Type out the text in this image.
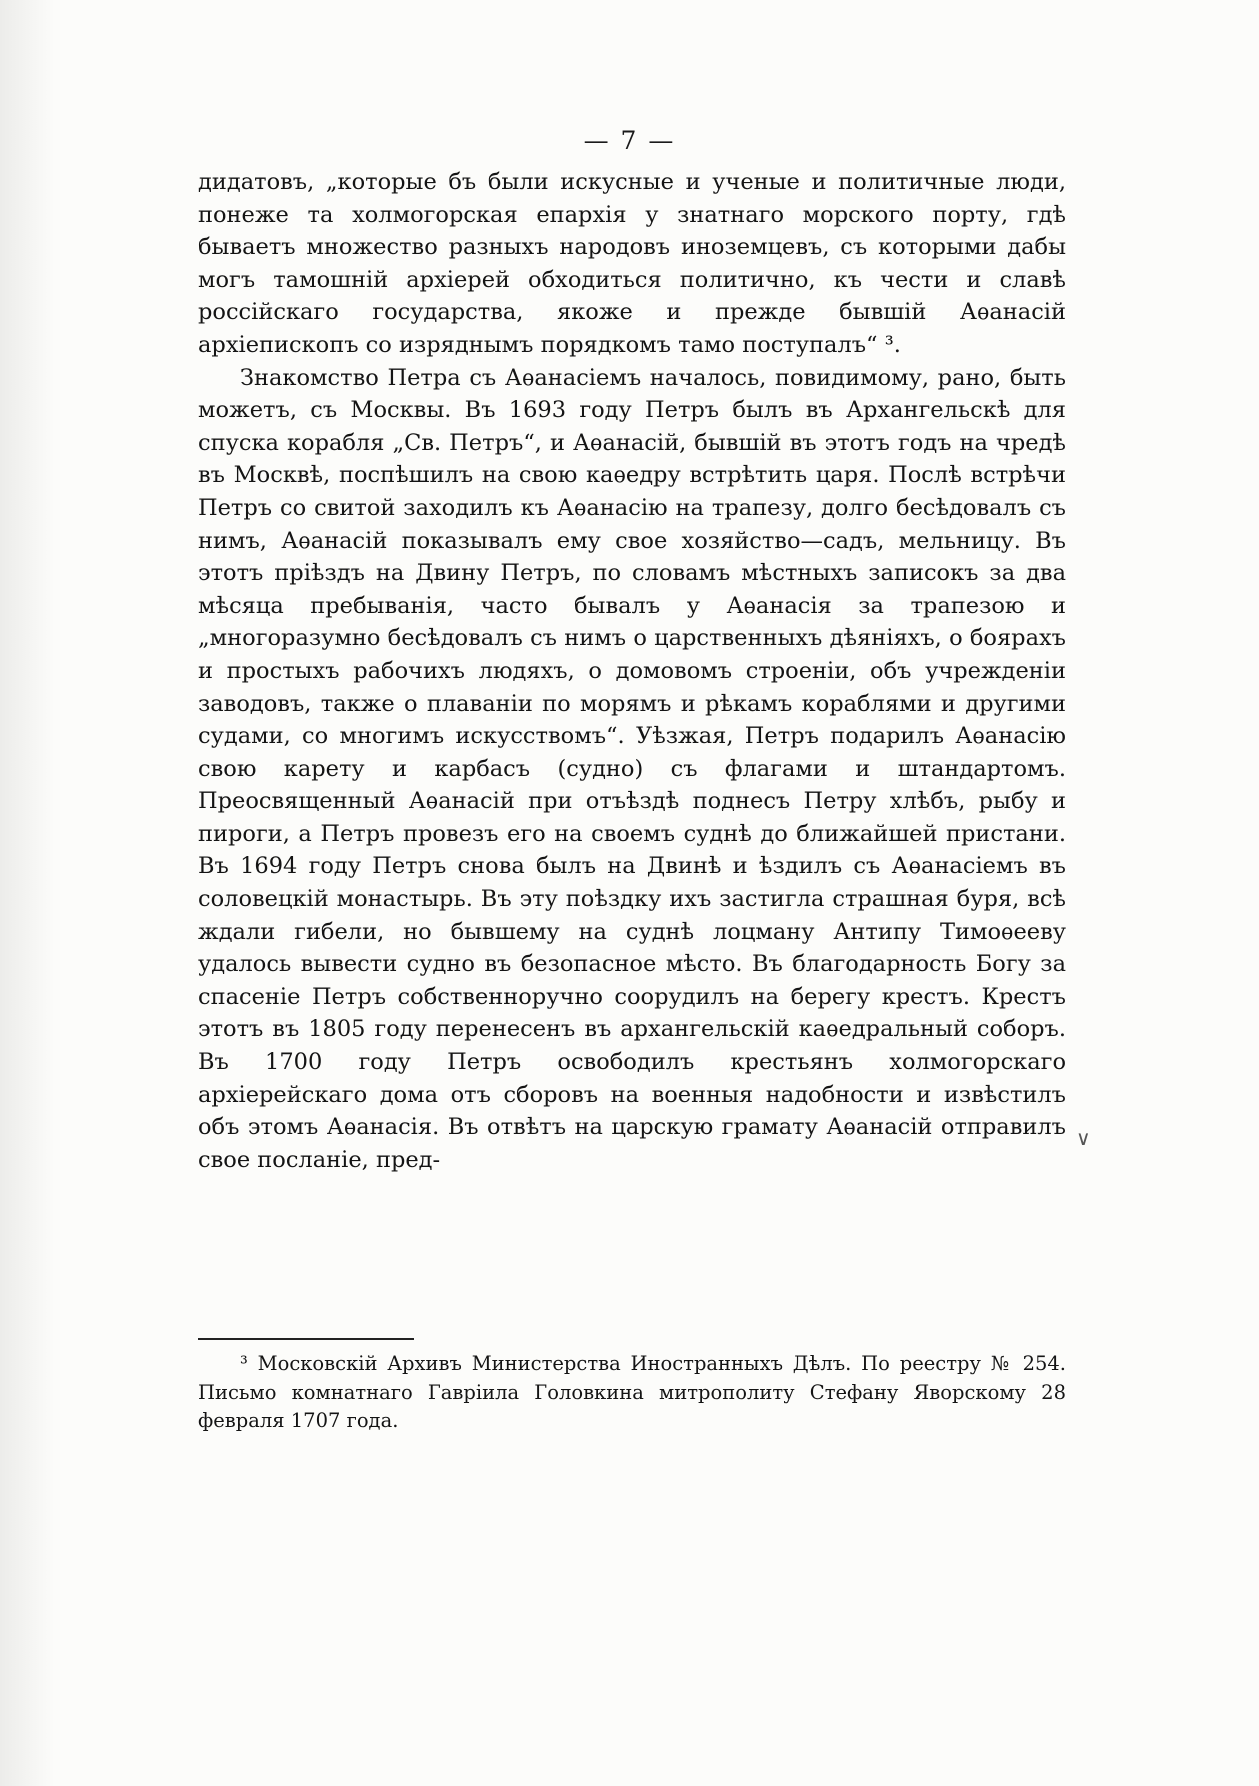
— 7 —

дидатовъ, „которые бъ были искусные и ученые и политичные люди, понеже та холмогорская епархія у знатнаго морского порту, гдѣ бываетъ множество разныхъ народовъ иноземцевъ, съ которыми дабы могъ тамошній архіерей обходиться политично, къ чести и славѣ россійскаго государства, якоже и прежде бывшій Аѳанасій архіепископъ со изряднымъ порядкомъ тамо поступалъ“ ³.

Знакомство Петра съ Аѳанасіемъ началось, повидимому, рано, быть можетъ, съ Москвы. Въ 1693 году Петръ былъ въ Архангельскѣ для спуска корабля „Св. Петръ“, и Аѳанасій, бывшій въ этотъ годъ на чредѣ въ Москвѣ, поспѣшилъ на свою каѳедру встрѣтить царя. Послѣ встрѣчи Петръ со свитой заходилъ къ Аѳанасію на трапезу, долго бесѣдовалъ съ нимъ, Аѳанасій показывалъ ему свое хозяйство—садъ, мельницу. Въ этотъ пріѣздъ на Двину Петръ, по словамъ мѣстныхъ записокъ за два мѣсяца пребыванія, часто бывалъ у Аѳанасія за трапезою и „многоразумно бесѣдовалъ съ нимъ о царственныхъ дѣяніяхъ, о боярахъ и простыхъ рабочихъ людяхъ, о домовомъ строеніи, объ учрежденіи заводовъ, также о плаваніи по морямъ и рѣкамъ кораблями и другими судами, со многимъ искусствомъ“. Уѣзжая, Петръ подарилъ Аѳанасію свою карету и карбасъ (судно) съ флагами и штандартомъ. Преосвященный Аѳанасій при отъѣздѣ поднесъ Петру хлѣбъ, рыбу и пироги, а Петръ провезъ его на своемъ суднѣ до ближайшей пристани. Въ 1694 году Петръ снова былъ на Двинѣ и ѣздилъ съ Аѳанасіемъ въ соловецкій монастырь. Въ эту поѣздку ихъ застигла страшная буря, всѣ ждали гибели, но бывшему на суднѣ лоцману Антипу Тимоѳееву удалось вывести судно въ безопасное мѣсто. Въ благодарность Богу за спасеніе Петръ собственноручно соорудилъ на берегу крестъ. Крестъ этотъ въ 1805 году перенесенъ въ архангельскій каѳедральный соборъ. Въ 1700 году Петръ освободилъ крестьянъ холмогорскаго архіерейскаго дома отъ сборовъ на военныя надобности и извѣстилъ объ этомъ Аѳанасія. Въ отвѣтъ на царскую грамату Аѳанасій отправилъ свое посланіе, пред-

∨

³ Московскій Архивъ Министерства Иностранныхъ Дѣлъ. По реестру № 254. Письмо комнатнаго Гавріила Головкина митрополиту Стефану Яворскому 28 февраля 1707 года.
